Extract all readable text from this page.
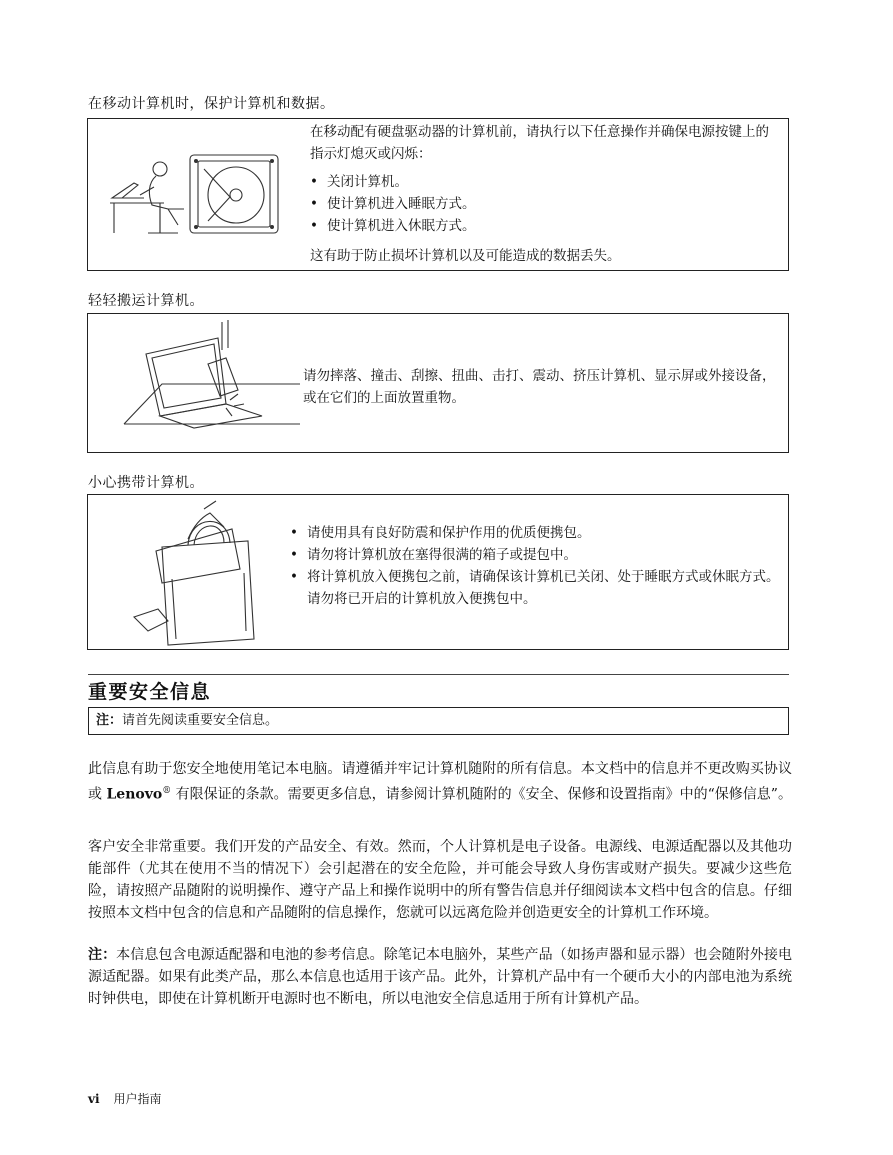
在移动计算机时，保护计算机和数据。

在移动配有硬盘驱动器的计算机前，请执行以下任意操作并确保电源按键上的指示灯熄灭或闪烁：

• 关闭计算机。
• 使计算机进入睡眠方式。
• 使计算机进入休眠方式。

这有助于防止损坏计算机以及可能造成的数据丢失。

轻轻搬运计算机。

请勿摔落、撞击、刮擦、扭曲、击打、震动、挤压计算机、显示屏或外接设备，或在它们的上面放置重物。

小心携带计算机。
• 请使用具有良好防震和保护作用的优质便携包。
• 请勿将计算机放在塞得很满的箱子或提包中。
• 将计算机放入便携包之前，请确保该计算机已关闭、处于睡眠方式或休眠方式。请勿将已开启的计算机放入便携包中。
重要安全信息
注：请首先阅读重要安全信息。

此信息有助于您安全地使用笔记本电脑。请遵循并牢记计算机随附的所有信息。本文档中的信息并不更改购买协议或 Lenovo® 有限保证的条款。需要更多信息，请参阅计算机随附的《安全、保修和设置指南》中的“保修信息”。

客户安全非常重要。我们开发的产品安全、有效。然而，个人计算机是电子设备。电源线、电源适配器以及其他功能部件（尤其在使用不当的情况下）会引起潜在的安全危险，并可能会导致人身伤害或财产损失。要减少这些危险，请按照产品随附的说明操作、遵守产品上和操作说明中的所有警告信息并仔细阅读本文档中包含的信息。仔细按照本文档中包含的信息和产品随附的信息操作，您就可以远离危险并创造更安全的计算机工作环境。

注：本信息包含电源适配器和电池的参考信息。除笔记本电脑外，某些产品（如扬声器和显示器）也会随附外接电源适配器。如果有此类产品，那么本信息也适用于该产品。此外，计算机产品中有一个硬币大小的内部电池为系统时钟供电，即使在计算机断开电源时也不断电，所以电池安全信息适用于所有计算机产品。

vi 用户指南
